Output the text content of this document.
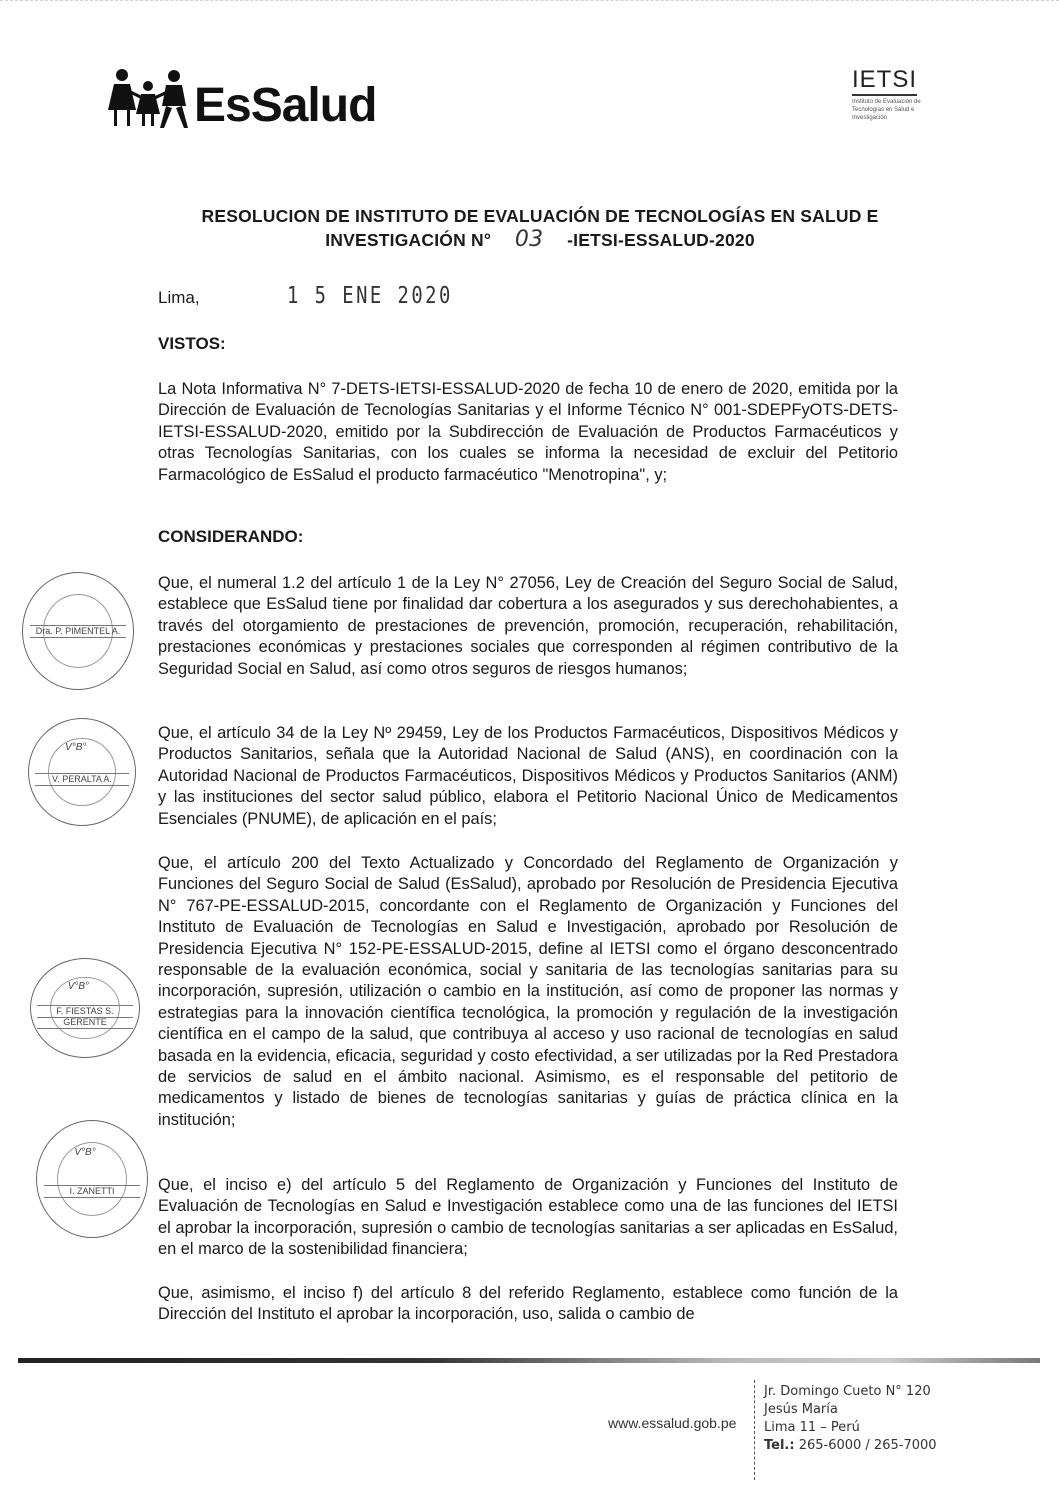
EsSalud	IETSI
Instituto de Evaluación de Tecnologías en Salud e Investigación
RESOLUCION DE INSTITUTO DE EVALUACIÓN DE TECNOLOGÍAS EN SALUD E
INVESTIGACIÓN N° 03 -IETSI-ESSALUD-2020
Lima,	1 5 ENE 2020
VISTOS:
La Nota Informativa N° 7-DETS-IETSI-ESSALUD-2020 de fecha 10 de enero de 2020, emitida por la Dirección de Evaluación de Tecnologías Sanitarias y el Informe Técnico N° 001-SDEPFyOTS-DETS-IETSI-ESSALUD-2020, emitido por la Subdirección de Evaluación de Productos Farmacéuticos y otras Tecnologías Sanitarias, con los cuales se informa la necesidad de excluir del Petitorio Farmacológico de EsSalud el producto farmacéutico "Menotropina", y;
CONSIDERANDO:
Que, el numeral 1.2 del artículo 1 de la Ley N° 27056, Ley de Creación del Seguro Social de Salud, establece que EsSalud tiene por finalidad dar cobertura a los asegurados y sus derechohabientes, a través del otorgamiento de prestaciones de prevención, promoción, recuperación, rehabilitación, prestaciones económicas y prestaciones sociales que corresponden al régimen contributivo de la Seguridad Social en Salud, así como otros seguros de riesgos humanos;
Que, el artículo 34 de la Ley Nº 29459, Ley de los Productos Farmacéuticos, Dispositivos Médicos y Productos Sanitarios, señala que la Autoridad Nacional de Salud (ANS), en coordinación con la Autoridad Nacional de Productos Farmacéuticos, Dispositivos Médicos y Productos Sanitarios (ANM) y las instituciones del sector salud público, elabora el Petitorio Nacional Único de Medicamentos Esenciales (PNUME), de aplicación en el país;
Que, el artículo 200 del Texto Actualizado y Concordado del Reglamento de Organización y Funciones del Seguro Social de Salud (EsSalud), aprobado por Resolución de Presidencia Ejecutiva N° 767-PE-ESSALUD-2015, concordante con el Reglamento de Organización y Funciones del Instituto de Evaluación de Tecnologías en Salud e Investigación, aprobado por Resolución de Presidencia Ejecutiva N° 152-PE-ESSALUD-2015, define al IETSI como el órgano desconcentrado responsable de la evaluación económica, social y sanitaria de las tecnologías sanitarias para su incorporación, supresión, utilización o cambio en la institución, así como de proponer las normas y estrategias para la innovación científica tecnológica, la promoción y regulación de la investigación científica en el campo de la salud, que contribuya al acceso y uso racional de tecnologías en salud basada en la evidencia, eficacia, seguridad y costo efectividad, a ser utilizadas por la Red Prestadora de servicios de salud en el ámbito nacional. Asimismo, es el responsable del petitorio de medicamentos y listado de bienes de tecnologías sanitarias y guías de práctica clínica en la institución;
Que, el inciso e) del artículo 5 del Reglamento de Organización y Funciones del Instituto de Evaluación de Tecnologías en Salud e Investigación establece como una de las funciones del IETSI el aprobar la incorporación, supresión o cambio de tecnologías sanitarias a ser aplicadas en EsSalud, en el marco de la sostenibilidad financiera;
Que, asimismo, el inciso f) del artículo 8 del referido Reglamento, establece como función de la Dirección del Instituto el aprobar la incorporación, uso, salida o cambio de
Dra. P. PIMENTEL A.
V°B°
V. PERALTA A.
V°B°
F. FIESTAS S.
GERENTE
V°B°
I. ZANETTI
www.essalud.gob.pe
Jr. Domingo Cueto N° 120
Jesús María
Lima 11 – Perú
Tel.: 265-6000 / 265-7000
